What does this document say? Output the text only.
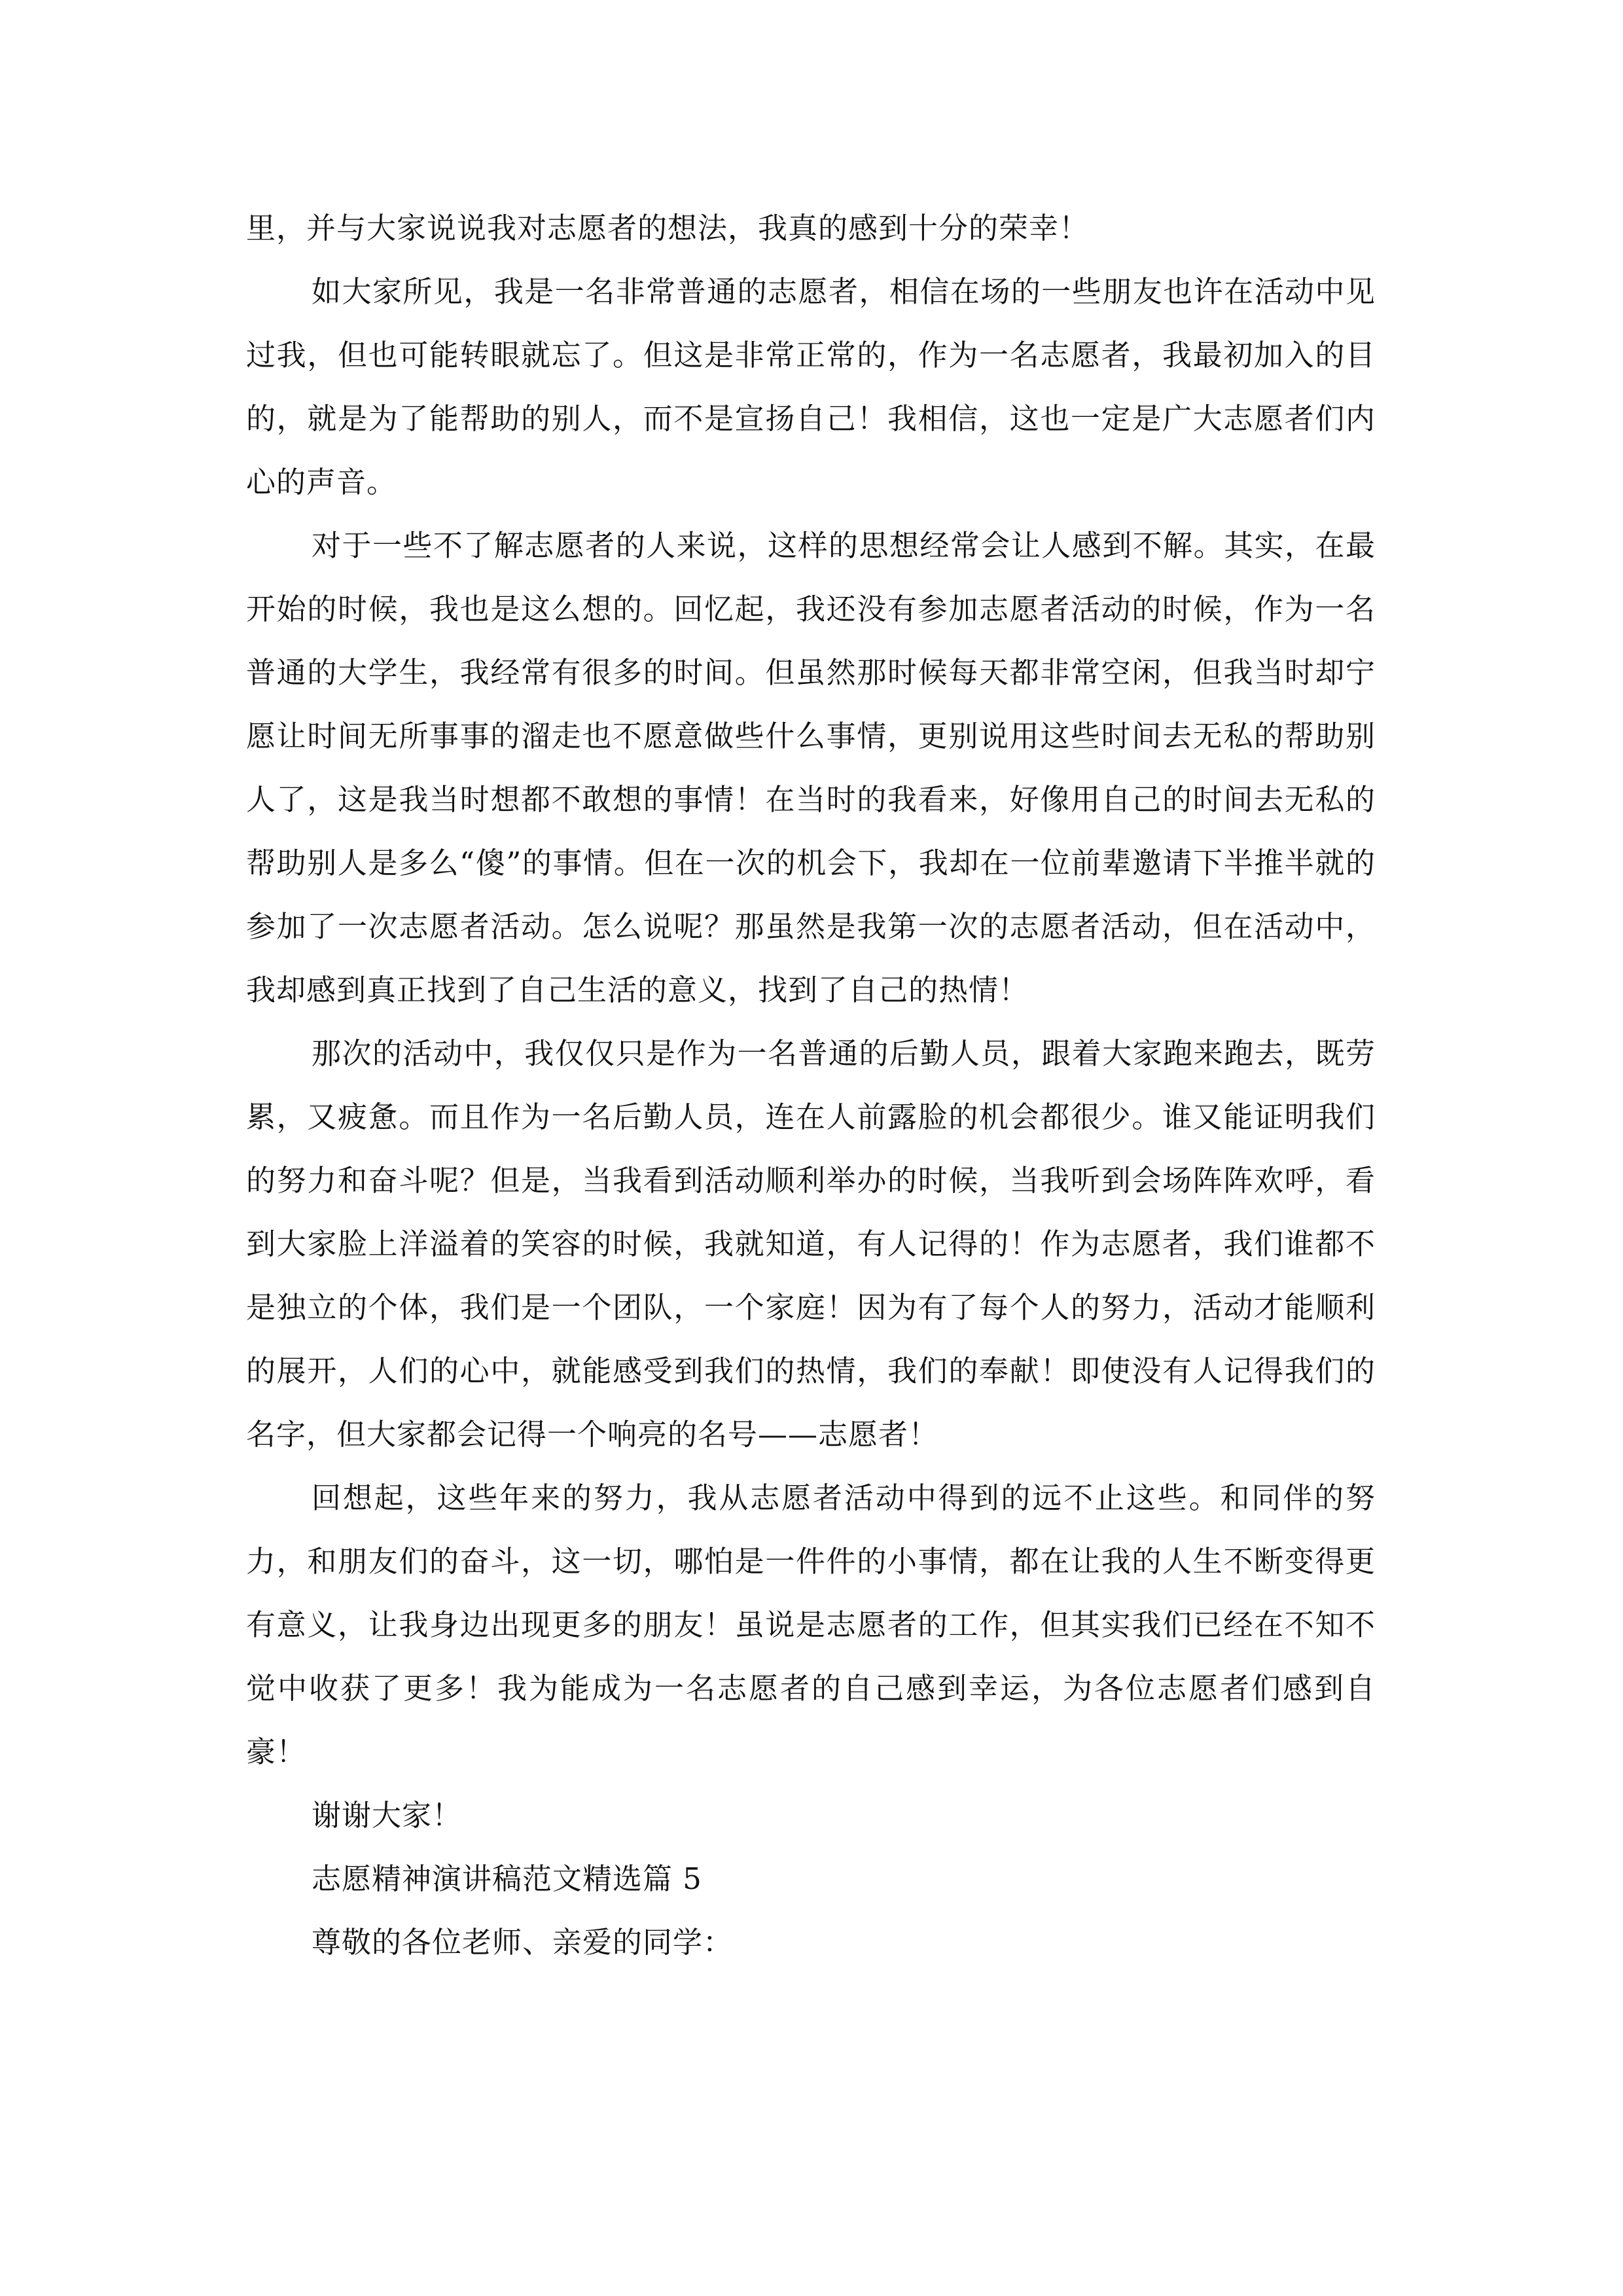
里，并与大家说说我对志愿者的想法，我真的感到十分的荣幸！

如大家所见，我是一名非常普通的志愿者，相信在场的一些朋友也许在活动中见过我，但也可能转眼就忘了。但这是非常正常的，作为一名志愿者，我最初加入的目的，就是为了能帮助的别人，而不是宣扬自己！我相信，这也一定是广大志愿者们内心的声音。

对于一些不了解志愿者的人来说，这样的思想经常会让人感到不解。其实，在最开始的时候，我也是这么想的。回忆起，我还没有参加志愿者活动的时候，作为一名普通的大学生，我经常有很多的时间。但虽然那时候每天都非常空闲，但我当时却宁愿让时间无所事事的溜走也不愿意做些什么事情，更别说用这些时间去无私的帮助别人了，这是我当时想都不敢想的事情！在当时的我看来，好像用自己的时间去无私的帮助别人是多么“傻”的事情。但在一次的机会下，我却在一位前辈邀请下半推半就的参加了一次志愿者活动。怎么说呢？那虽然是我第一次的志愿者活动，但在活动中，我却感到真正找到了自己生活的意义，找到了自己的热情！

那次的活动中，我仅仅只是作为一名普通的后勤人员，跟着大家跑来跑去，既劳累，又疲惫。而且作为一名后勤人员，连在人前露脸的机会都很少。谁又能证明我们的努力和奋斗呢？但是，当我看到活动顺利举办的时候，当我听到会场阵阵欢呼，看到大家脸上洋溢着的笑容的时候，我就知道，有人记得的！作为志愿者，我们谁都不是独立的个体，我们是一个团队，一个家庭！因为有了每个人的努力，活动才能顺利的展开，人们的心中，就能感受到我们的热情，我们的奉献！即使没有人记得我们的名字，但大家都会记得一个响亮的名号——志愿者！

回想起，这些年来的努力，我从志愿者活动中得到的远不止这些。和同伴的努力，和朋友们的奋斗，这一切，哪怕是一件件的小事情，都在让我的人生不断变得更有意义，让我身边出现更多的朋友！虽说是志愿者的工作，但其实我们已经在不知不觉中收获了更多！我为能成为一名志愿者的自己感到幸运，为各位志愿者们感到自豪！

谢谢大家！

志愿精神演讲稿范文精选篇 5

尊敬的各位老师、亲爱的同学：
